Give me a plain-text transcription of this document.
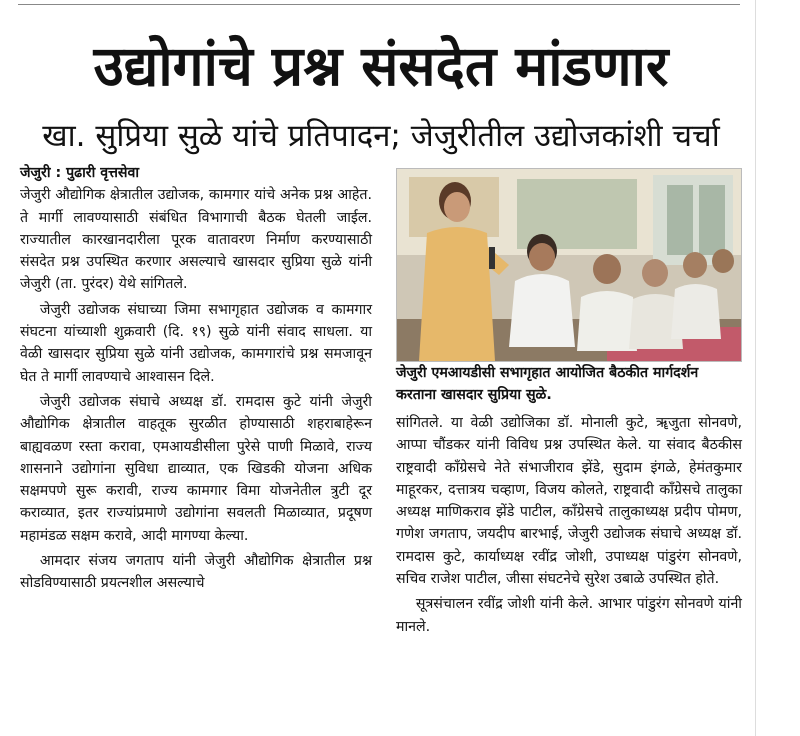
उद्योगांचे प्रश्न संसदेत मांडणार
खा. सुप्रिया सुळे यांचे प्रतिपादन; जेजुरीतील उद्योजकांशी चर्चा
जेजुरी : पुढारी वृत्तसेवा

जेजुरी औद्योगिक क्षेत्रातील उद्योजक, कामगार यांचे अनेक प्रश्न आहेत. ते मार्गी लावण्यासाठी संबंधित विभागाची बैठक घेतली जाईल. राज्यातील कारखानदारीला पूरक वातावरण निर्माण करण्यासाठी संसदेत प्रश्न उपस्थित करणार असल्याचे खासदार सुप्रिया सुळे यांनी जेजुरी (ता. पुरंदर) येथे सांगितले.

जेजुरी उद्योजक संघाच्या जिमा सभागृहात उद्योजक व कामगार संघटना यांच्याशी शुक्रवारी (दि. १९) सुळे यांनी संवाद साधला. या वेळी खासदार सुप्रिया सुळे यांनी उद्योजक, कामगारांचे प्रश्न समजावून घेत ते मार्गी लावण्याचे आश्वासन दिले.

जेजुरी उद्योजक संघाचे अध्यक्ष डॉ. रामदास कुटे यांनी जेजुरी औद्योगिक क्षेत्रातील वाहतूक सुरळीत होण्यासाठी शहराबाहेरून बाह्यवळण रस्ता करावा, एमआयडीसीला पुरेसे पाणी मिळावे, राज्य शासनाने उद्योगांना सुविधा द्याव्यात, एक खिडकी योजना अधिक सक्षमपणे सुरू करावी, राज्य कामगार विमा योजनेतील त्रुटी दूर कराव्यात, इतर राज्यांप्रमाणे उद्योगांना सवलती मिळाव्यात, प्रदूषण महामंडळ सक्षम करावे, आदी मागण्या केल्या.

आमदार संजय जगताप यांनी जेजुरी औद्योगिक क्षेत्रातील प्रश्न सोडविण्यासाठी प्रयत्नशील असल्याचे

जेजुरी एमआयडीसी सभागृहात आयोजित बैठकीत मार्गदर्शन करताना खासदार सुप्रिया सुळे.

सांगितले. या वेळी उद्योजिका डॉ. मोनाली कुटे, ॠजुता सोनवणे, आप्पा चौंडकर यांनी विविध प्रश्न उपस्थित केले. या संवाद बैठकीस राष्ट्रवादी काँग्रेसचे नेते संभाजीराव झेंडे, सुदाम इंगळे, हेमंतकुमार माहूरकर, दत्तात्रय चव्हाण, विजय कोलते, राष्ट्रवादी काँग्रेसचे तालुका अध्यक्ष माणिकराव झेंडे पाटील, काँग्रेसचे तालुकाध्यक्ष प्रदीप पोमण, गणेश जगताप, जयदीप बारभाई, जेजुरी उद्योजक संघाचे अध्यक्ष डॉ. रामदास कुटे, कार्याध्यक्ष रवींद्र जोशी, उपाध्यक्ष पांडुरंग सोनवणे, सचिव राजेश पाटील, जीसा संघटनेचे सुरेश उबाळे उपस्थित होते.

सूत्रसंचालन रवींद्र जोशी यांनी केले. आभार पांडुरंग सोनवणे यांनी मानले.
